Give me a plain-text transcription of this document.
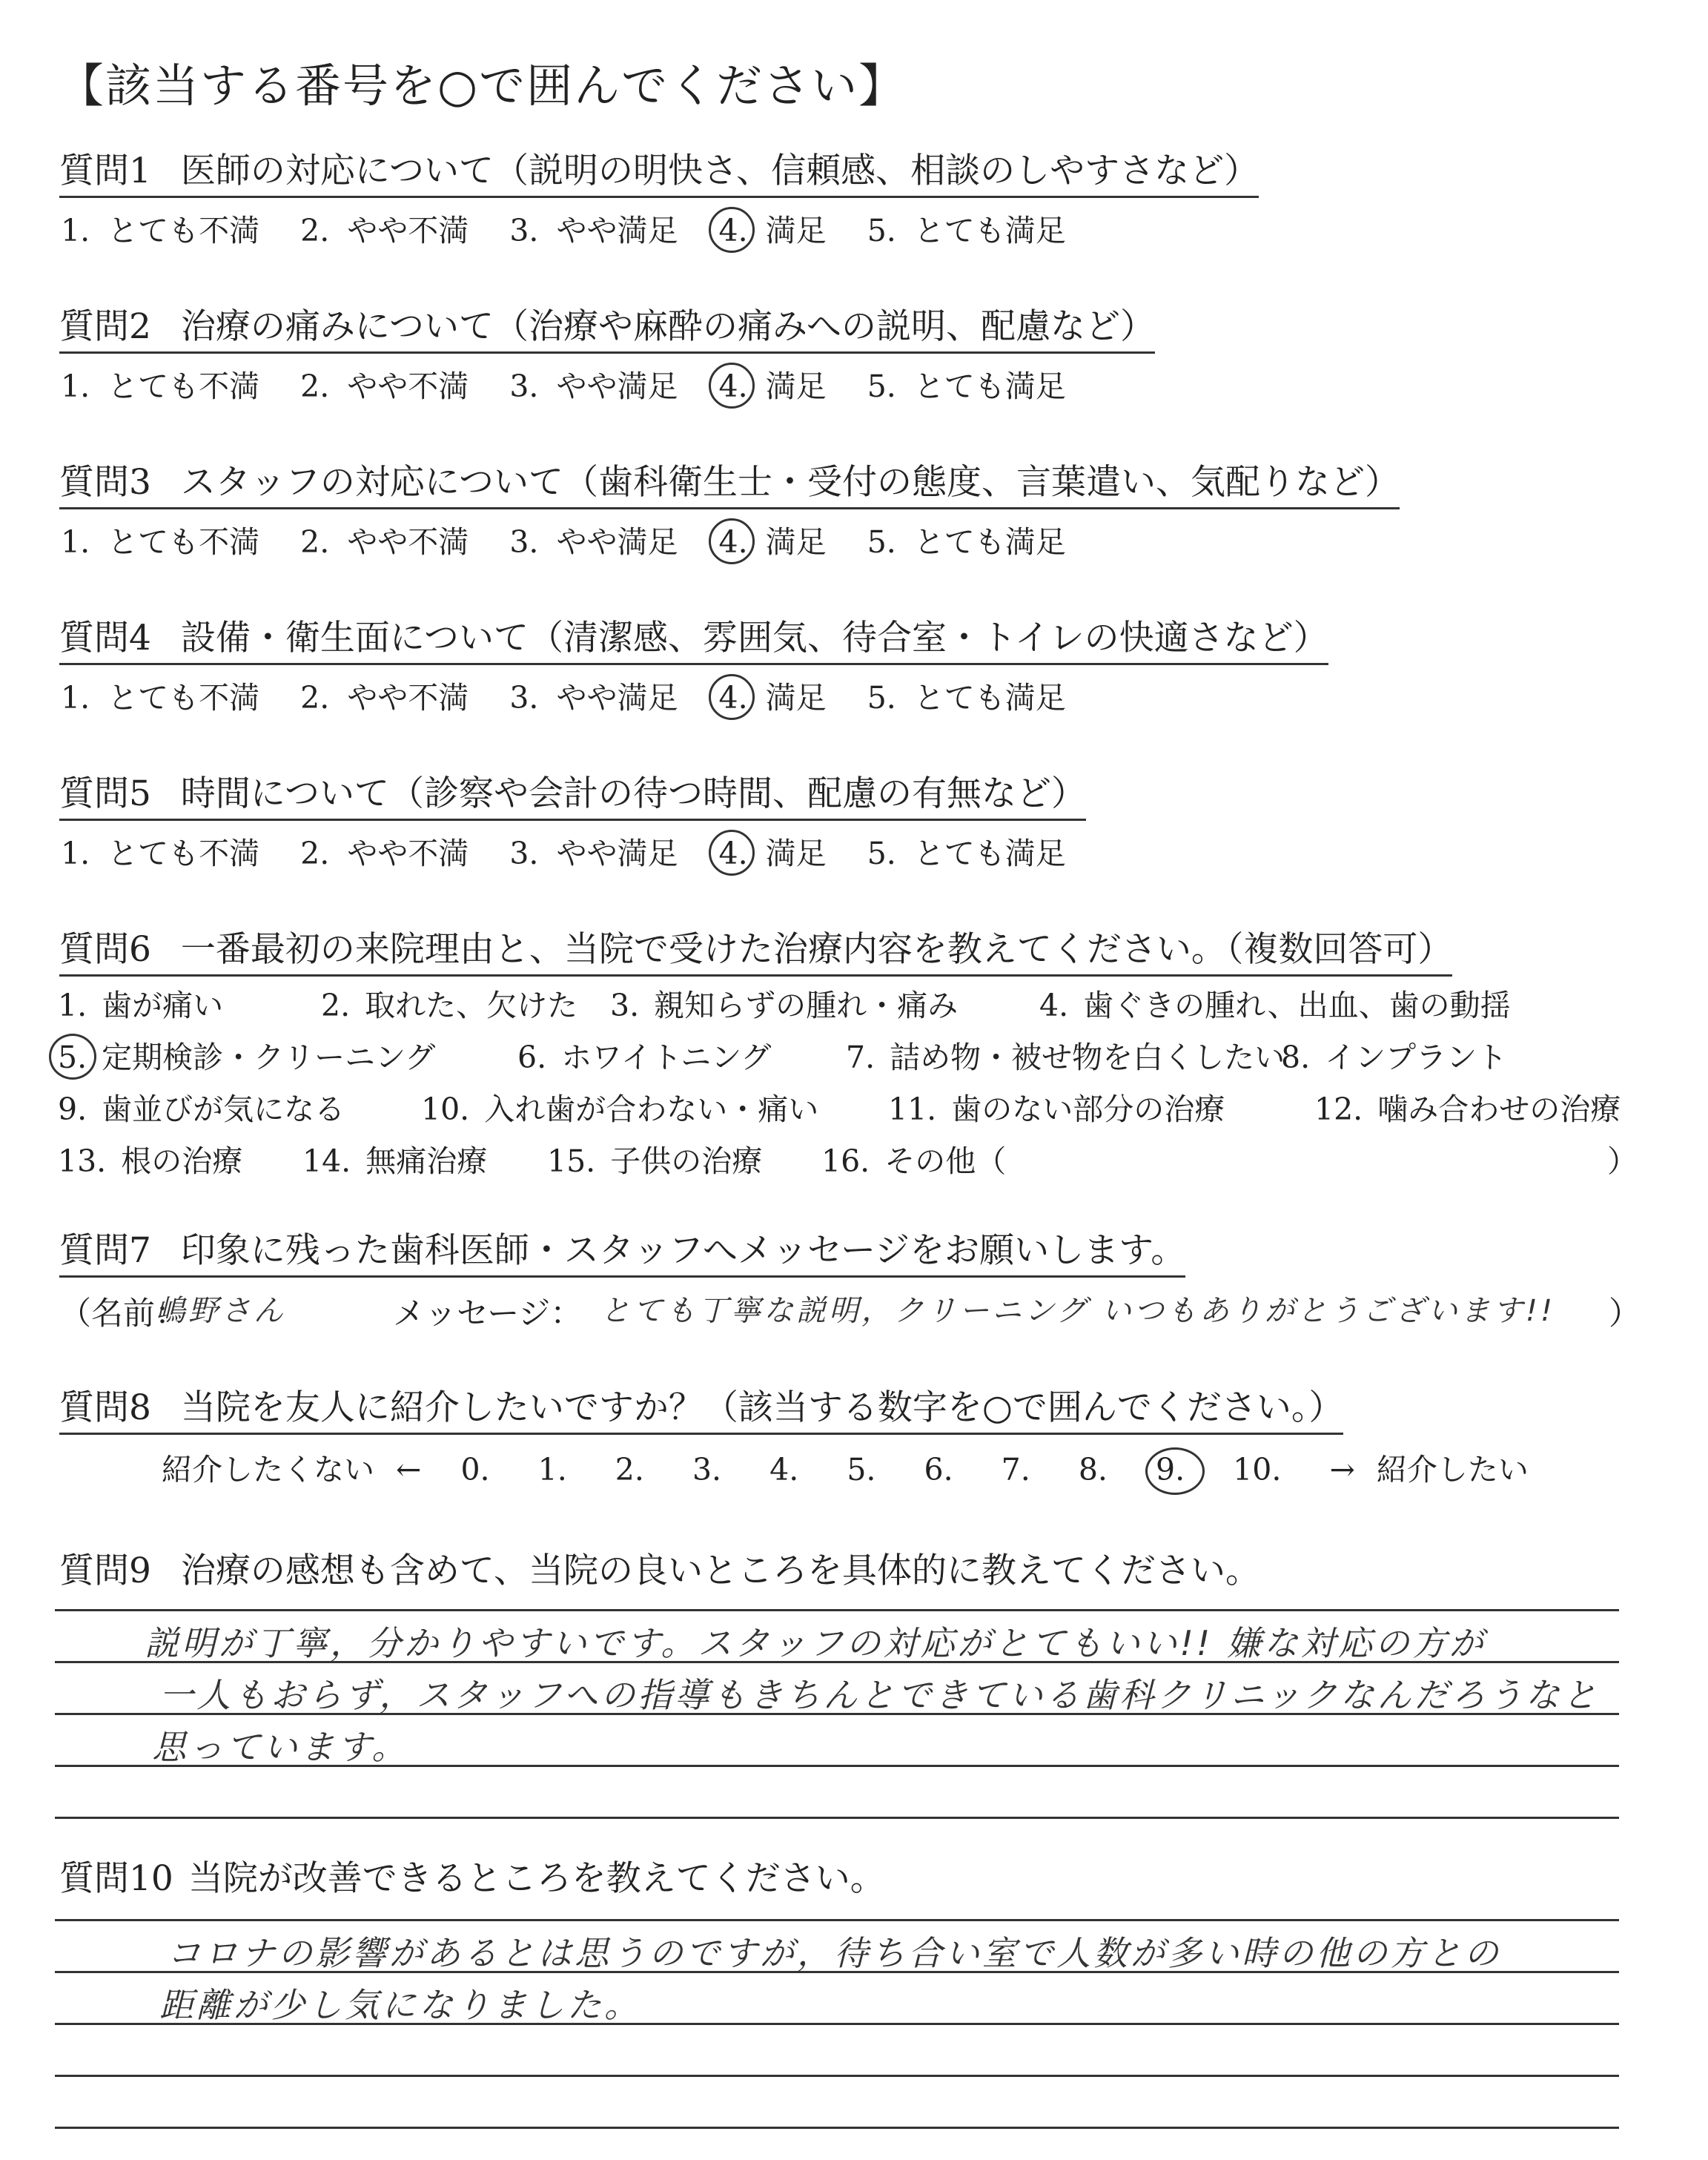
【該当する番号を○で囲んでください】
質問1 医師の対応について（説明の明快さ、信頼感、相談のしやすさなど）
1. とても不満 2. やや不満 3. やや満足 4. 満足 5. とても満足
質問2 治療の痛みについて（治療や麻酔の痛みへの説明、配慮など）
1. とても不満 2. やや不満 3. やや満足 4. 満足 5. とても満足
質問3 スタッフの対応について（歯科衛生士・受付の態度、言葉遣い、気配りなど）
1. とても不満 2. やや不満 3. やや満足 4. 満足 5. とても満足
質問4 設備・衛生面について（清潔感、雰囲気、待合室・トイレの快適さなど）
1. とても不満 2. やや不満 3. やや満足 4. 満足 5. とても満足
質問5 時間について（診察や会計の待つ時間、配慮の有無など）
1. とても不満 2. やや不満 3. やや満足 4. 満足 5. とても満足
質問6 一番最初の来院理由と、当院で受けた治療内容を教えてください。（複数回答可）
1. 歯が痛い	2. 取れた、欠けた 3. 親知らずの腫れ・痛み	4. 歯ぐきの腫れ、出血、歯の動揺
5. 定期検診・クリーニング	6. ホワイトニング 7. 詰め物・被せ物を白くしたい
8. インプラント
9. 歯並びが気になる	10. 入れ歯が合わない・痛い 11. 歯のない部分の治療	12. 噛み合わせの治療
13. 根の治療 14. 無痛治療 15. 子供の治療 16. その他（	）
質問7 印象に残った歯科医師・スタッフへメッセージをお願いします。
（名前：
嶋野さん	メッセージ： とても丁寧な説明，クリーニング いつもありがとうございます!! ）
質問8 当院を友人に紹介したいですか？（該当する数字を○で囲んでください。）
紹介したくない ← 0. 1. 2. 3. 4. 5. 6. 7. 8. 9. 10. → 紹介したい
質問9 治療の感想も含めて、当院の良いところを具体的に教えてください。
説明が丁寧，分かりやすいです。スタッフの対応がとてもいい!! 嫌な対応の方が
一人もおらず，スタッフへの指導もきちんとできている歯科クリニックなんだろうなと
思っています。
質問10 当院が改善できるところを教えてください。
コロナの影響があるとは思うのですが，待ち合い室で人数が多い時の他の方との
距離が少し気になりました。
